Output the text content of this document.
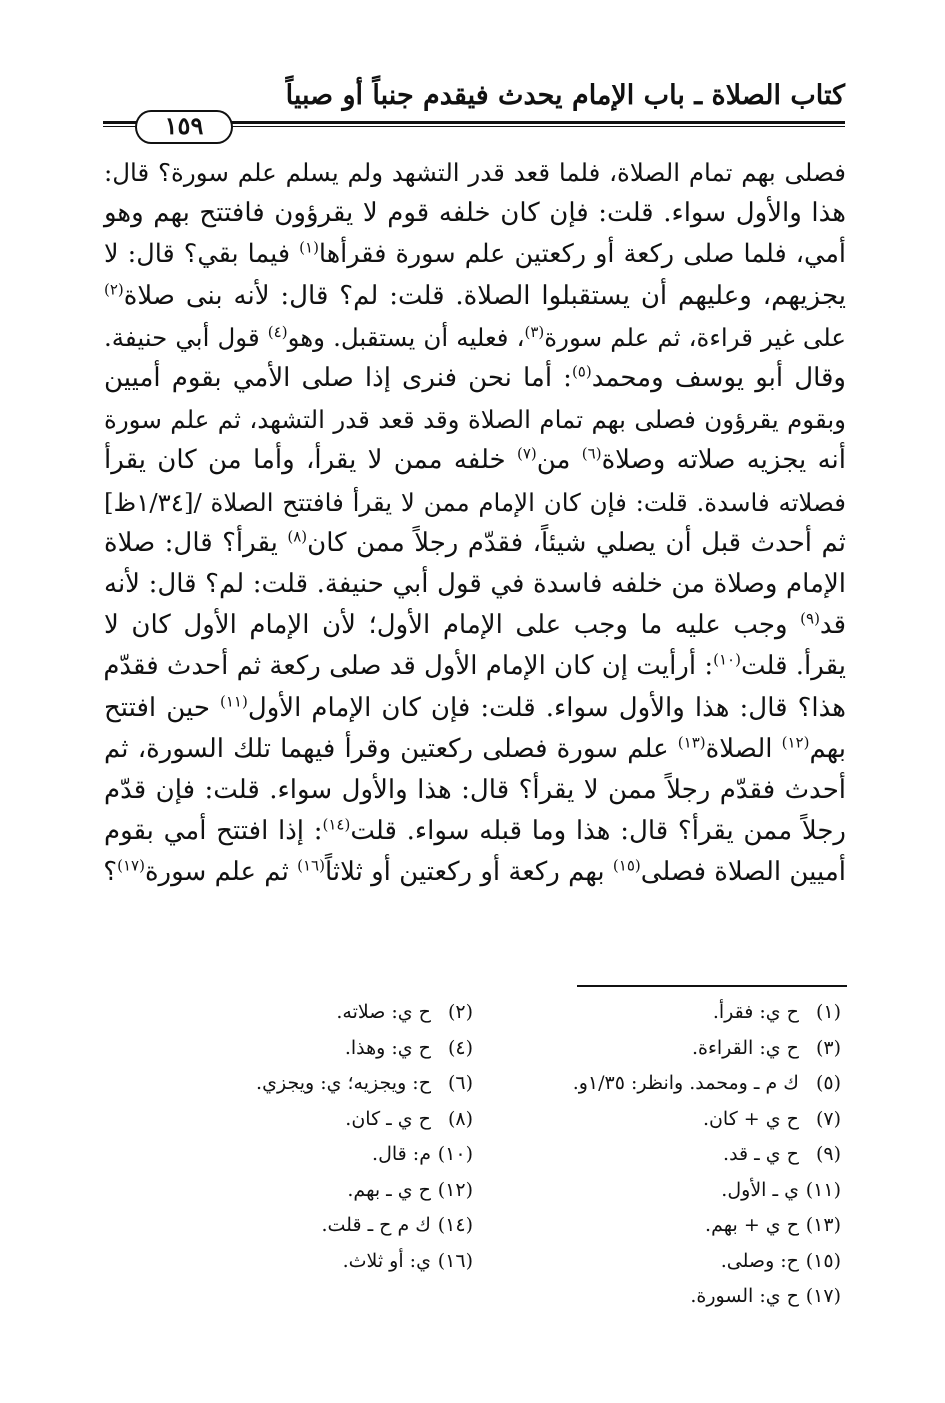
كتاب الصلاة ـ باب الإمام يحدث فيقدم جنباً أو صبياً
١٥٩
فصلى بهم تمام الصلاة، فلما قعد قدر التشهد ولم يسلم علم سورة؟ قال:
هذا والأول سواء. قلت: فإن كان خلفه قوم لا يقرؤون فافتتح بهم وهو
أمي، فلما صلى ركعة أو ركعتين علم سورة فقرأها$^{(١)}$ فيما بقي؟ قال: لا
يجزيهم، وعليهم أن يستقبلوا الصلاة. قلت: لم؟ قال: لأنه بنى صلاة$^{(٢)}$
على غير قراءة، ثم علم سورة$^{(٣)}$، فعليه أن يستقبل. وهو$^{(٤)}$ قول أبي حنيفة.
وقال أبو يوسف ومحمد$^{(٥)}$: أما نحن فنرى إذا صلى الأمي بقوم أميين
وبقوم يقرؤون فصلى بهم تمام الصلاة وقد قعد قدر التشهد، ثم علم سورة
أنه يجزيه صلاته وصلاة$^{(٦)}$ من$^{(٧)}$ خلفه ممن لا يقرأ، وأما من كان يقرأ
فصلاته فاسدة. قلت: فإن كان الإمام ممن لا يقرأ فافتتح الصلاة /[١/٣٤ظ]
ثم أحدث قبل أن يصلي شيئاً، فقدّم رجلاً ممن كان$^{(٨)}$ يقرأ؟ قال: صلاة
الإمام وصلاة من خلفه فاسدة في قول أبي حنيفة. قلت: لم؟ قال: لأنه
قد$^{(٩)}$ وجب عليه ما وجب على الإمام الأول؛ لأن الإمام الأول كان لا
يقرأ. قلت$^{(١٠)}$: أرأيت إن كان الإمام الأول قد صلى ركعة ثم أحدث فقدّم
هذا؟ قال: هذا والأول سواء. قلت: فإن كان الإمام الأول$^{(١١)}$ حين افتتح
بهم$^{(١٢)}$ الصلاة$^{(١٣)}$ علم سورة فصلى ركعتين وقرأ فيهما تلك السورة، ثم
أحدث فقدّم رجلاً ممن لا يقرأ؟ قال: هذا والأول سواء. قلت: فإن قدّم
رجلاً ممن يقرأ؟ قال: هذا وما قبله سواء. قلت$^{(١٤)}$: إذا افتتح أمي بقوم
أميين الصلاة فصلى$^{(١٥)}$ بهم ركعة أو ركعتين أو ثلاثاً$^{(١٦)}$ ثم علم سورة$^{(١٧)}$؟
(١) ح ي: فقرأ.
(٣) ح ي: القراءة.
(٥) ك م ـ ومحمد. وانظر: ١/٣٥و.
(٧) ح ي + كان.
(٩) ح ي ـ قد.
(١١) ي ـ الأول.
(١٣) ح ي + بهم.
(١٥) ح: وصلى.
(١٧) ح ي: السورة.
(٢) ح ي: صلاته.
(٤) ح ي: وهذا.
(٦) ح: ويجزيه؛ ي: ويجزي.
(٨) ح ي ـ كان.
(١٠) م: قال.
(١٢) ح ي ـ بهم.
(١٤) ك م ح ـ قلت.
(١٦) ي: أو ثلاث.
